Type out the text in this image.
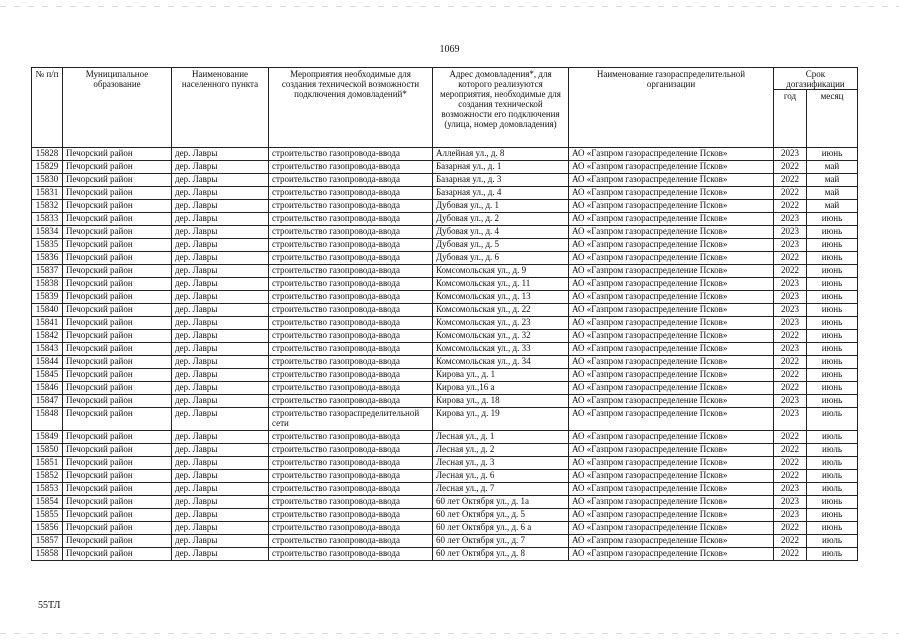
1069
№ п/п	Муниципальное образование	Наименование населенного пункта	Мероприятия необходимые для создания технической возможности подключения домовладений*	Адрес домовладения*, для которого реализуются мероприятия, необходимые для создания технической возможности его подключения (улица, номер домовладения)	Наименование газораспределительной организации	Срок догазификации	
						год	месяц
15828	Печорский район	дер. Лавры	строительство газопровода-ввода	Аллейная ул., д. 8	АО «Газпром газораспределение Псков»	2023	июнь
15829	Печорский район	дер. Лавры	строительство газопровода-ввода	Базарная ул., д. 1	АО «Газпром газораспределение Псков»	2022	май
15830	Печорский район	дер. Лавры	строительство газопровода-ввода	Базарная ул., д. 3	АО «Газпром газораспределение Псков»	2022	май
15831	Печорский район	дер. Лавры	строительство газопровода-ввода	Базарная ул., д. 4	АО «Газпром газораспределение Псков»	2022	май
15832	Печорский район	дер. Лавры	строительство газопровода-ввода	Дубовая ул., д. 1	АО «Газпром газораспределение Псков»	2022	май
15833	Печорский район	дер. Лавры	строительство газопровода-ввода	Дубовая ул., д. 2	АО «Газпром газораспределение Псков»	2023	июнь
15834	Печорский район	дер. Лавры	строительство газопровода-ввода	Дубовая ул., д. 4	АО «Газпром газораспределение Псков»	2023	июнь
15835	Печорский район	дер. Лавры	строительство газопровода-ввода	Дубовая ул., д. 5	АО «Газпром газораспределение Псков»	2023	июнь
15836	Печорский район	дер. Лавры	строительство газопровода-ввода	Дубовая ул., д. 6	АО «Газпром газораспределение Псков»	2022	июнь
15837	Печорский район	дер. Лавры	строительство газопровода-ввода	Комсомольская ул., д. 9	АО «Газпром газораспределение Псков»	2022	июнь
15838	Печорский район	дер. Лавры	строительство газопровода-ввода	Комсомольская ул., д. 11	АО «Газпром газораспределение Псков»	2023	июнь
15839	Печорский район	дер. Лавры	строительство газопровода-ввода	Комсомольская ул., д. 13	АО «Газпром газораспределение Псков»	2023	июнь
15840	Печорский район	дер. Лавры	строительство газопровода-ввода	Комсомольская ул., д. 22	АО «Газпром газораспределение Псков»	2023	июнь
15841	Печорский район	дер. Лавры	строительство газопровода-ввода	Комсомольская ул., д. 23	АО «Газпром газораспределение Псков»	2023	июнь
15842	Печорский район	дер. Лавры	строительство газопровода-ввода	Комсомольская ул., д. 32	АО «Газпром газораспределение Псков»	2022	июнь
15843	Печорский район	дер. Лавры	строительство газопровода-ввода	Комсомольская ул., д. 33	АО «Газпром газораспределение Псков»	2023	июнь
15844	Печорский район	дер. Лавры	строительство газопровода-ввода	Комсомольская ул., д. 34	АО «Газпром газораспределение Псков»	2022	июнь
15845	Печорский район	дер. Лавры	строительство газопровода-ввода	Кирова ул., д. 1	АО «Газпром газораспределение Псков»	2022	июнь
15846	Печорский район	дер. Лавры	строительство газопровода-ввода	Кирова ул.,16 а	АО «Газпром газораспределение Псков»	2022	июнь
15847	Печорский район	дер. Лавры	строительство газопровода-ввода	Кирова ул., д. 18	АО «Газпром газораспределение Псков»	2023	июнь
15848	Печорский район	дер. Лавры	строительство газораспределительной сети	Кирова ул., д. 19	АО «Газпром газораспределение Псков»	2023	июль
15849	Печорский район	дер. Лавры	строительство газопровода-ввода	Лесная ул., д. 1	АО «Газпром газораспределение Псков»	2022	июль
15850	Печорский район	дер. Лавры	строительство газопровода-ввода	Лесная ул., д. 2	АО «Газпром газораспределение Псков»	2022	июль
15851	Печорский район	дер. Лавры	строительство газопровода-ввода	Лесная ул., д. 3	АО «Газпром газораспределение Псков»	2022	июль
15852	Печорский район	дер. Лавры	строительство газопровода-ввода	Лесная ул., д. 6	АО «Газпром газораспределение Псков»	2022	июль
15853	Печорский район	дер. Лавры	строительство газопровода-ввода	Лесная ул., д. 7	АО «Газпром газораспределение Псков»	2023	июль
15854	Печорский район	дер. Лавры	строительство газопровода-ввода	60 лет Октября ул., д. 1а	АО «Газпром газораспределение Псков»	2023	июнь
15855	Печорский район	дер. Лавры	строительство газопровода-ввода	60 лет Октября ул., д. 5	АО «Газпром газораспределение Псков»	2023	июнь
15856	Печорский район	дер. Лавры	строительство газопровода-ввода	60 лет Октября ул., д. 6 а	АО «Газпром газораспределение Псков»	2022	июнь
15857	Печорский район	дер. Лавры	строительство газопровода-ввода	60 лет Октября ул., д. 7	АО «Газпром газораспределение Псков»	2022	июль
15858	Печорский район	дер. Лавры	строительство газопровода-ввода	60 лет Октября ул., д. 8	АО «Газпром газораспределение Псков»	2022	июль
55ТЛ
